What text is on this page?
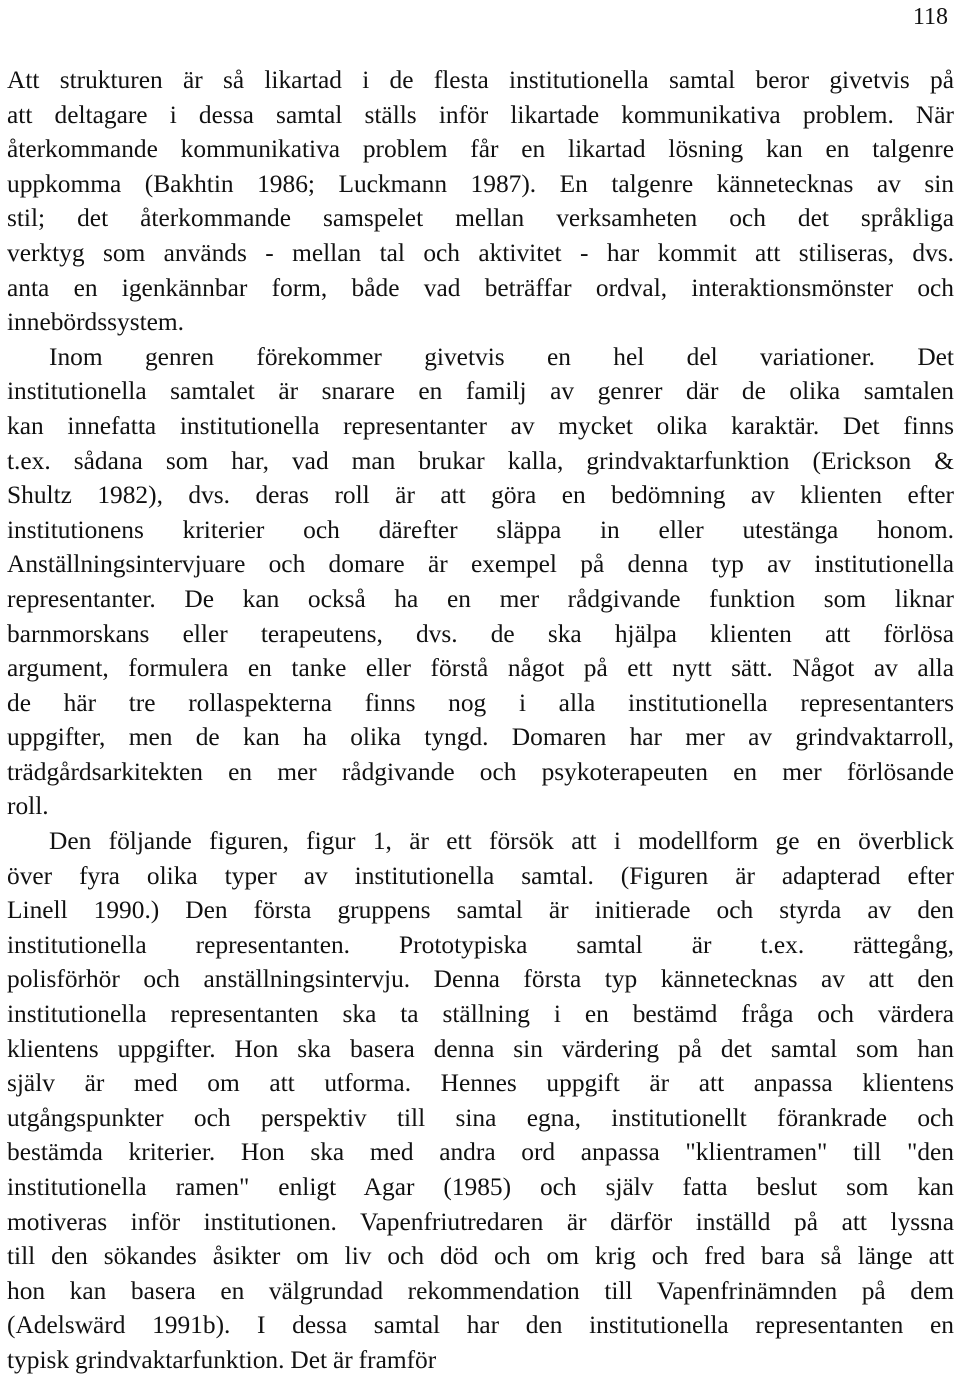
118
Att strukturen är så likartad i de flesta institutionella samtal beror givetvis på
att deltagare i dessa samtal ställs inför likartade kommunikativa problem. När
återkommande kommunikativa problem får en likartad lösning kan en talgenre
uppkomma (Bakhtin 1986; Luckmann 1987). En talgenre kännetecknas av sin
stil; det återkommande samspelet mellan verksamheten och det språkliga
verktyg som används - mellan tal och aktivitet - har kommit att stiliseras, dvs.
anta en igenkännbar form, både vad beträffar ordval, interaktionsmönster och
innebördssystem.
Inom genren förekommer givetvis en hel del variationer. Det
institutionella samtalet är snarare en familj av genrer där de olika samtalen
kan innefatta institutionella representanter av mycket olika karaktär. Det finns
t.ex. sådana som har, vad man brukar kalla, grindvaktarfunktion (Erickson &
Shultz 1982), dvs. deras roll är att göra en bedömning av klienten efter
institutionens kriterier och därefter släppa in eller utestänga honom.
Anställningsintervjuare och domare är exempel på denna typ av institutionella
representanter. De kan också ha en mer rådgivande funktion som liknar
barnmorskans eller terapeutens, dvs. de ska hjälpa klienten att förlösa
argument, formulera en tanke eller förstå något på ett nytt sätt. Något av alla
de här tre rollaspekterna finns nog i alla institutionella representanters
uppgifter, men de kan ha olika tyngd. Domaren har mer av grindvaktarroll,
trädgårdsarkitekten en mer rådgivande och psykoterapeuten en mer förlösande
roll.
Den följande figuren, figur 1, är ett försök att i modellform ge en överblick
över fyra olika typer av institutionella samtal. (Figuren är adapterad efter
Linell 1990.) Den första gruppens samtal är initierade och styrda av den
institutionella representanten. Prototypiska samtal är t.ex. rättegång,
polisförhör och anställningsintervju. Denna första typ kännetecknas av att den
institutionella representanten ska ta ställning i en bestämd fråga och värdera
klientens uppgifter. Hon ska basera denna sin värdering på det samtal som han
själv är med om att utforma. Hennes uppgift är att anpassa klientens
utgångspunkter och perspektiv till sina egna, institutionellt förankrade och
bestämda kriterier. Hon ska med andra ord anpassa "klientramen" till "den
institutionella ramen" enligt Agar (1985) och själv fatta beslut som kan
motiveras inför institutionen. Vapenfriutredaren är därför inställd på att lyssna
till den sökandes åsikter om liv och död och om krig och fred bara så länge att
hon kan basera en välgrundad rekommendation till Vapenfrinämnden på dem
(Adelswärd 1991b). I dessa samtal har den institutionella representanten en
typisk grindvaktarfunktion. Det är framför
